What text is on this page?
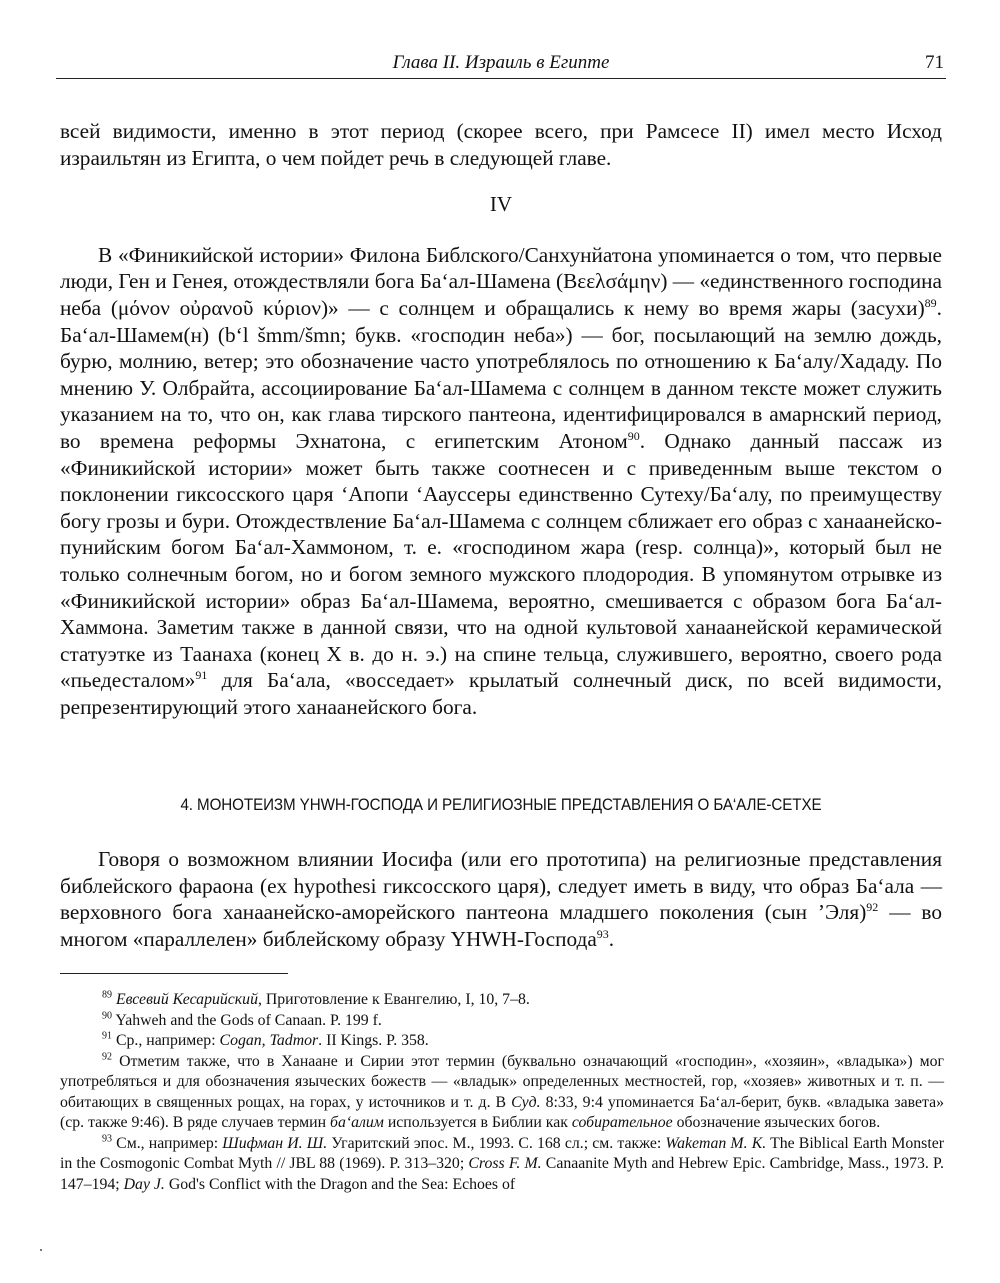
Глава II. Израиль в Египте	71

всей видимости, именно в этот период (скорее всего, при Рамсесе II) имел место Исход израильтян из Египта, о чем пойдет речь в следующей главе.

IV

В «Финикийской истории» Филона Библского/Санхунйатона упоминается о том, что первые люди, Ген и Генея, отождествляли бога Ба‘ал-Шамена (Βεελσάμην) — «единственного господина неба (μόνον οὐρανοῦ κύριον)» — с солнцем и обращались к нему во время жары (засухи)$^{89}$. Ба‘ал-Шамем(н) (b‘l šmm/šmn; букв. «господин неба») — бог, посылающий на землю дождь, бурю, молнию, ветер; это обозначение часто употреблялось по отношению к Ба‘алу/Хададу. По мнению У. Олбрайта, ассоциирование Ба‘ал-Шамема с солнцем в данном тексте может служить указанием на то, что он, как глава тирского пантеона, идентифицировался в амарнский период, во времена реформы Эхнатона, с египетским Атоном$^{90}$. Однако данный пассаж из «Финикийской истории» может быть также соотнесен и с приведенным выше текстом о поклонении гиксосского царя ‘Апопи ‘Аауссеры единственно Сутеху/Ба‘алу, по преимуществу богу грозы и бури. Отождествление Ба‘ал-Шамема с солнцем сближает его образ с ханаанейско-пунийским богом Ба‘ал-Хаммоном, т. е. «господином жара (resp. солнца)», который был не только солнечным богом, но и богом земного мужского плодородия. В упомянутом отрывке из «Финикийской истории» образ Ба‘ал-Шамема, вероятно, смешивается с образом бога Ба‘ал-Хаммона. Заметим также в данной связи, что на одной культовой ханаанейской керамической статуэтке из Таанаха (конец X в. до н. э.) на спине тельца, служившего, вероятно, своего рода «пьедесталом»$^{91}$ для Ба‘ала, «восседает» крылатый солнечный диск, по всей видимости, репрезентирующий этого ханаанейского бога.

4. МОНОТЕИЗМ YHWH-ГОСПОДА И РЕЛИГИОЗНЫЕ ПРЕДСТАВЛЕНИЯ О БА‘АЛЕ-СЕТХЕ

Говоря о возможном влиянии Иосифа (или его прототипа) на религиозные представления библейского фараона (ex hypothesi гиксосского царя), следует иметь в виду, что образ Ба‘ала — верховного бога ханаанейско-аморейского пантеона младшего поколения (сын ’Эля)$^{92}$ — во многом «параллелен» библейскому образу YHWH-Господа$^{93}$.

$^{89}$ Евсевий Кесарийский, Приготовление к Евангелию, I, 10, 7–8.

$^{90}$ Yahweh and the Gods of Canaan. P. 199 f.

$^{91}$ Ср., например: Cogan, Tadmor. II Kings. P. 358.

$^{92}$ Отметим также, что в Ханаане и Сирии этот термин (буквально означающий «господин», «хозяин», «владыка») мог употребляться и для обозначения языческих божеств — «владык» определенных местностей, гор, «хозяев» животных и т. п. — обитающих в священных рощах, на горах, у источников и т. д. В Суд. 8:33, 9:4 упоминается Ба‘ал-берит, букв. «владыка завета» (ср. также 9:46). В ряде случаев термин ба‘алим используется в Библии как собирательное обозначение языческих богов.

$^{93}$ См., например: Шифман И. Ш. Угаритский эпос. М., 1993. С. 168 сл.; см. также: Wakeman M. K. The Biblical Earth Monster in the Cosmogonic Combat Myth // JBL 88 (1969). P. 313–320; Cross F. M. Canaanite Myth and Hebrew Epic. Cambridge, Mass., 1973. P. 147–194; Day J. God's Conflict with the Dragon and the Sea: Echoes of
